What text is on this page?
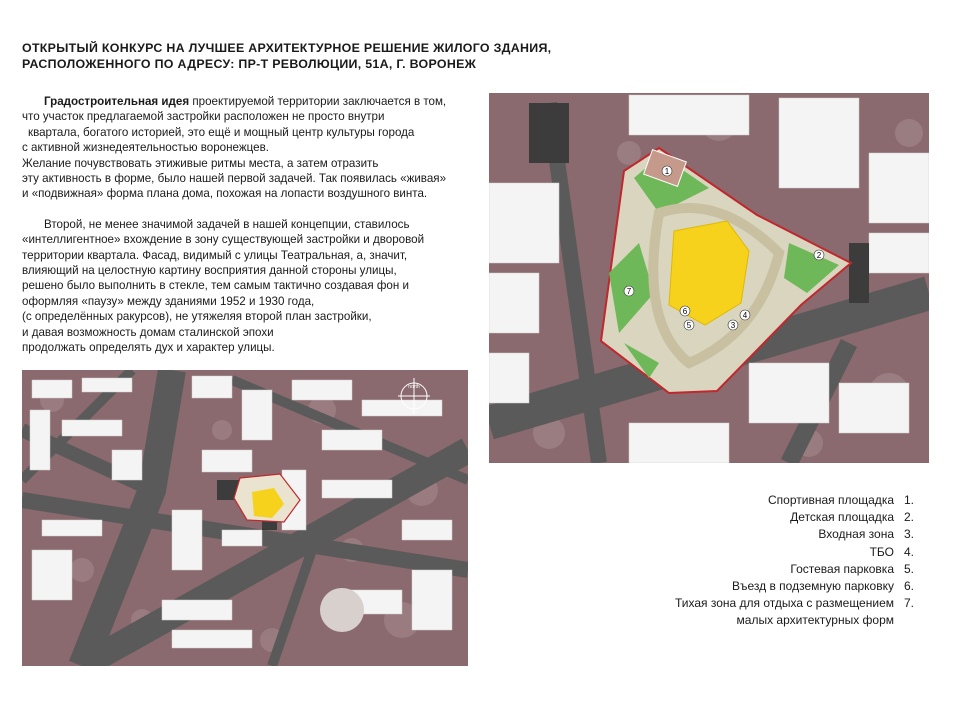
ОТКРЫТЫЙ КОНКУРС НА ЛУЧШЕЕ АРХИТЕКТУРНОЕ РЕШЕНИЕ ЖИЛОГО ЗДАНИЯ,
РАСПОЛОЖЕННОГО ПО АДРЕСУ: ПР-Т РЕВОЛЮЦИИ, 51А, Г. ВОРОНЕЖ
Градостроительная идея проектируемой территории заключается в том,
что участок предлагаемой застройки расположен не просто внутри
квартала, богатого историей, это ещё и мощный центр культуры города
с активной жизнедеятельностью воронежцев.
Желание почувствовать этиживые ритмы места, а затем отразить
эту активность в форме, было нашей первой задачей. Так появилась «живая»
и «подвижная» форма плана дома, похожая на лопасти воздушного винта.
Второй, не менее значимой задачей в нашей концепции, ставилось
«интеллигентное» вхождение в зону существующей застройки и дворовой
территории квартала. Фасад, видимый с улицы Театральная, а, значит,
влияющий на целостную картину восприятия данной стороны улицы,
решено было выполнить в стекле, тем самым тактично создавая фон и
оформляя «паузу» между зданиями 1952 и 1930 года,
(с определённых ракурсов), не утяжеляя второй план застройки,
и давая возможность домам сталинской эпохи
продолжать определять дух и характер улицы.
north
1
2
3
4
5
6
7
Спортивная площадка 1.
Детская площадка 2.
Входная зона 3.
ТБО 4.
Гостевая парковка 5.
Въезд в подземную парковку 6.
Тихая зона для отдыха с размещением 7.
малых архитектурных форм
